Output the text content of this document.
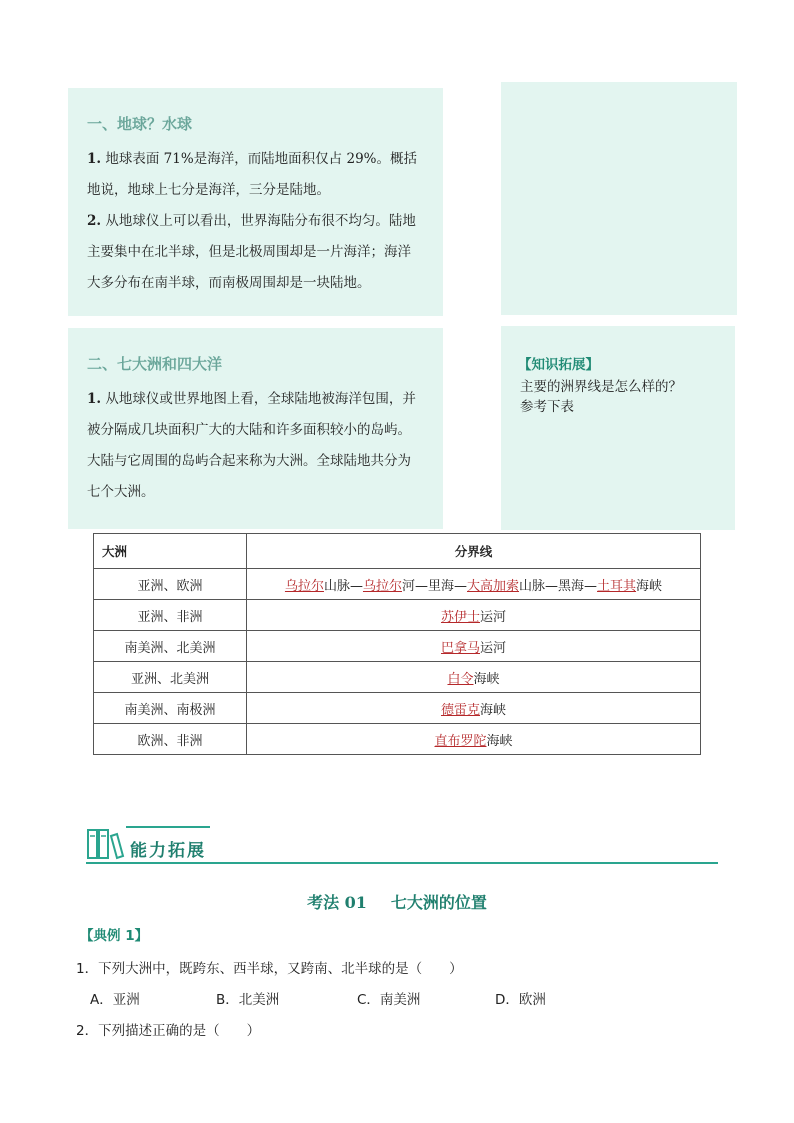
一、地球？水球
1. 地球表面 71%是海洋，而陆地面积仅占 29%。概括
地说，地球上七分是海洋，三分是陆地。
2. 从地球仪上可以看出，世界海陆分布很不均匀。陆地
主要集中在北半球，但是北极周围却是一片海洋；海洋
大多分布在南半球，而南极周围却是一块陆地。
二、七大洲和四大洋
1. 从地球仪或世界地图上看，全球陆地被海洋包围，并
被分隔成几块面积广大的大陆和许多面积较小的岛屿。
大陆与它周围的岛屿合起来称为大洲。全球陆地共分为
七个大洲。
【知识拓展】
主要的洲界线是怎么样的？
参考下表
大洲	分界线
亚洲、欧洲	乌拉尔山脉—乌拉尔河—里海—大高加索山脉—黑海—土耳其海峡
亚洲、非洲	苏伊士运河
南美洲、北美洲	巴拿马运河
亚洲、北美洲	白令海峡
南美洲、南极洲	德雷克海峡
欧洲、非洲	直布罗陀海峡
能力拓展
考法 01 七大洲的位置
【典例 1】
1．下列大洲中，既跨东、西半球，又跨南、北半球的是（　　）
A．亚洲	B．北美洲	C．南美洲	D．欧洲
2．下列描述正确的是（　　）
